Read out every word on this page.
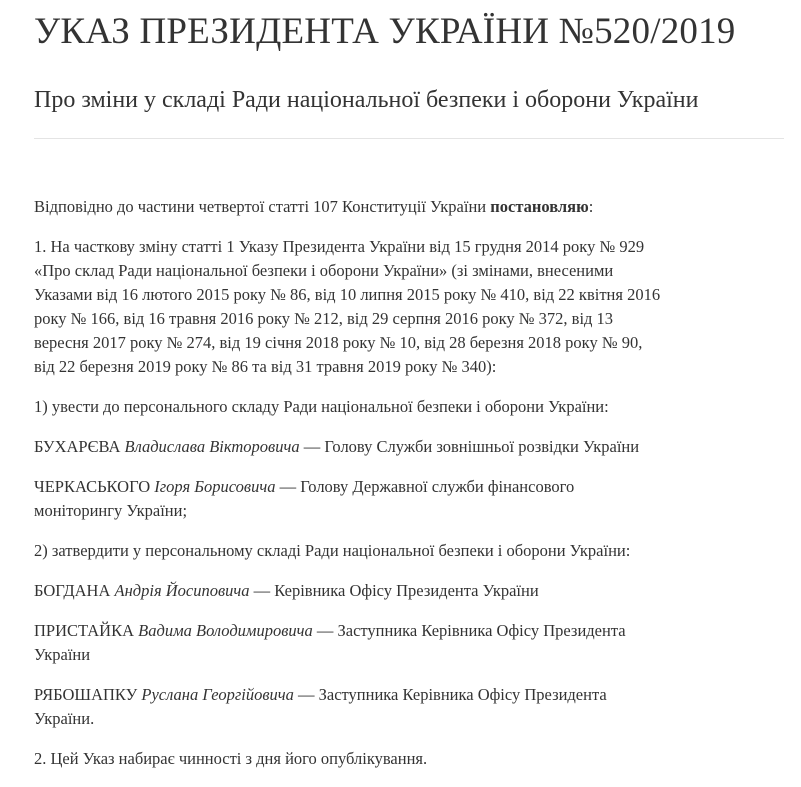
УКАЗ ПРЕЗИДЕНТА УКРАЇНИ №520/2019
Про зміни у складі Ради національної безпеки і оборони України

Відповідно до частини четвертої статті 107 Конституції України постановляю:

1. На часткову зміну статті 1 Указу Президента України від 15 грудня 2014 року № 929
«Про склад Ради національної безпеки і оборони України» (зі змінами, внесеними
Указами від 16 лютого 2015 року № 86, від 10 липня 2015 року № 410, від 22 квітня 2016
року № 166, від 16 травня 2016 року № 212, від 29 серпня 2016 року № 372, від 13
вересня 2017 року № 274, від 19 січня 2018 року № 10, від 28 березня 2018 року № 90,
від 22 березня 2019 року № 86 та від 31 травня 2019 року № 340):

1) увести до персонального складу Ради національної безпеки і оборони України:

БУХАРЄВА Владислава Вікторовича — Голову Служби зовнішньої розвідки України

ЧЕРКАСЬКОГО Ігоря Борисовича — Голову Державної служби фінансового
моніторингу України;

2) затвердити у персональному складі Ради національної безпеки і оборони України:

БОГДАНА Андрія Йосиповича — Керівника Офісу Президента України

ПРИСТАЙКА Вадима Володимировича — Заступника Керівника Офісу Президента
України

РЯБОШАПКУ Руслана Георгійовича — Заступника Керівника Офісу Президента
України.

2. Цей Указ набирає чинності з дня його опублікування.
